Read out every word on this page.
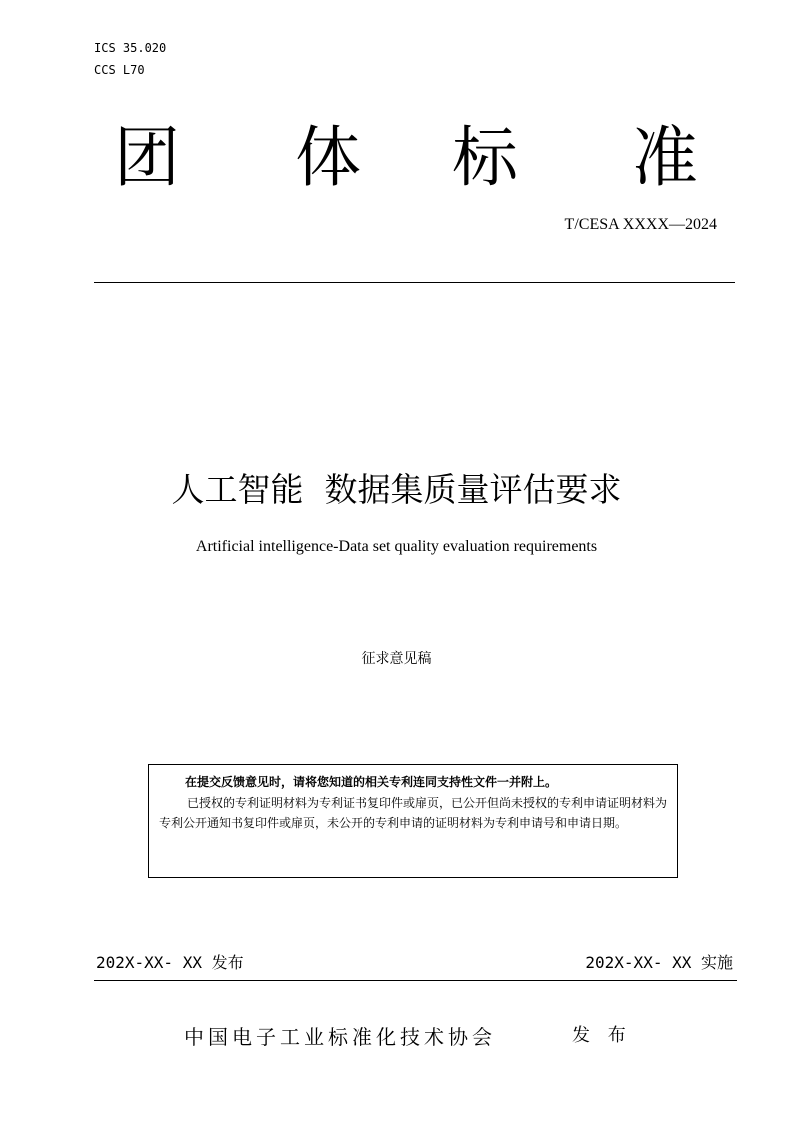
ICS 35.020
CCS L70
团 体 标 准
T/CESA XXXX—2024
人工智能  数据集质量评估要求
Artificial intelligence-Data set quality evaluation requirements
征求意见稿
在提交反馈意见时，请将您知道的相关专利连同支持性文件一并附上。
已授权的专利证明材料为专利证书复印件或扉页，已公开但尚未授权的专利申请证明材料为专利公开通知书复印件或扉页，未公开的专利申请的证明材料为专利申请号和申请日期。
202X-XX- XX 发布	202X-XX- XX 实施
中国电子工业标准化技术协会	发 布
